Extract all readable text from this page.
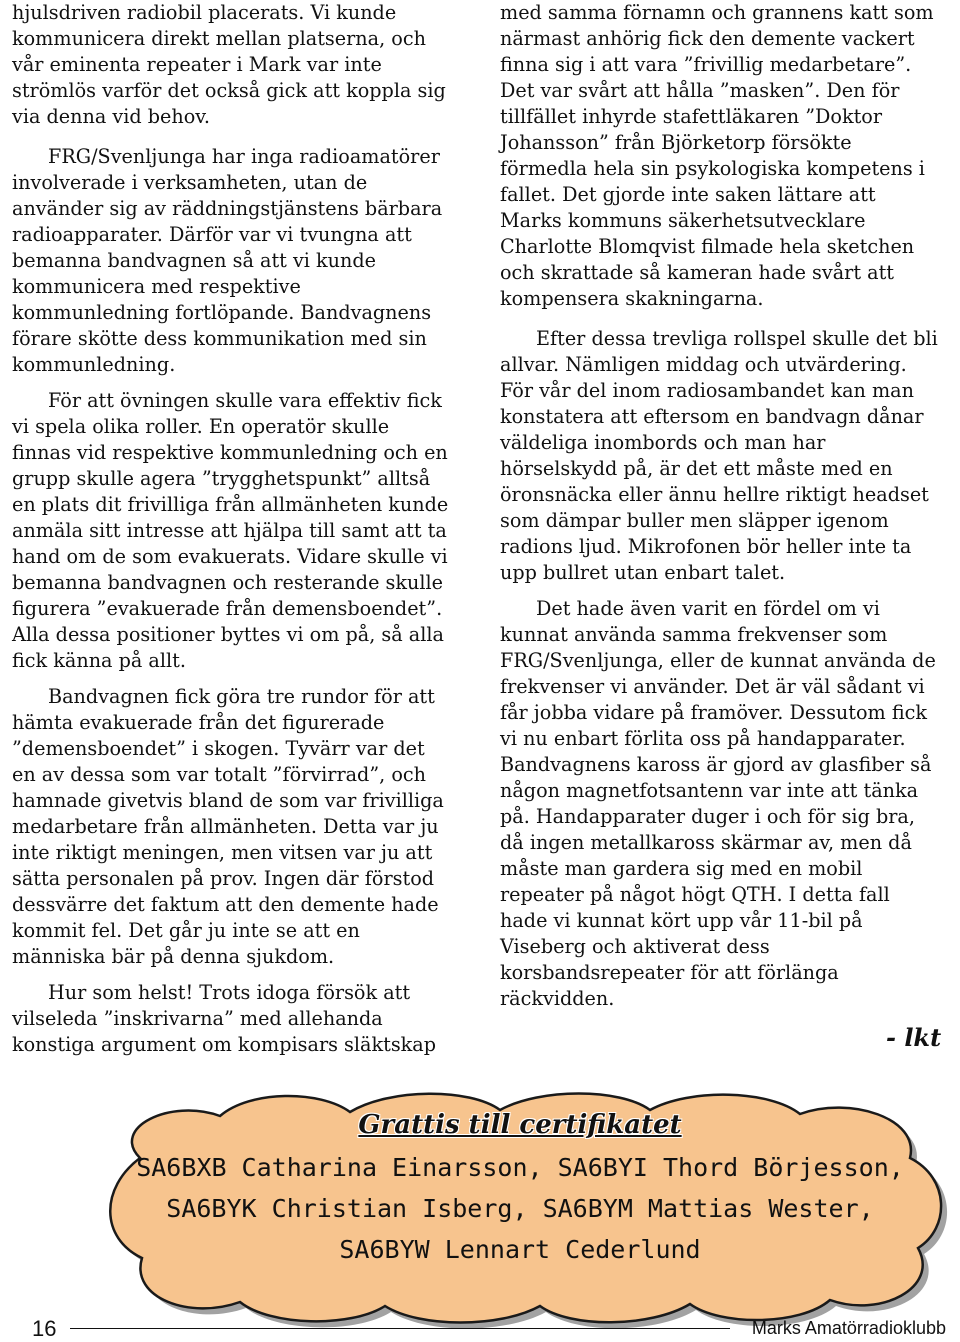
hjulsdriven radiobil placerats. Vi kunde kommunicera direkt mellan platserna, och vår eminenta repeater i Mark var inte strömlös varför det också gick att koppla sig via denna vid behov.

FRG/Svenljunga har inga radioamatörer involverade i verksamheten, utan de använder sig av räddningstjänstens bärbara radioapparater. Därför var vi tvungna att bemanna bandvagnen så att vi kunde kommunicera med respektive kommunledning fortlöpande. Bandvagnens förare skötte dess kommunikation med sin kommunledning.

För att övningen skulle vara effektiv fick vi spela olika roller. En operatör skulle finnas vid respektive kommunledning och en grupp skulle agera ”trygghetspunkt” alltså en plats dit frivilliga från allmänheten kunde anmäla sitt intresse att hjälpa till samt att ta hand om de som evakuerats. Vidare skulle vi bemanna bandvagnen och resterande skulle figurera ”evakuerade från demensboendet”. Alla dessa positioner byttes vi om på, så alla fick känna på allt.

Bandvagnen fick göra tre rundor för att hämta evakuerade från det figurerade ”demensboendet” i skogen. Tyvärr var det en av dessa som var totalt ”förvirrad”, och hamnade givetvis bland de som var frivilliga medarbetare från allmänheten. Detta var ju inte riktigt meningen, men vitsen var ju att sätta personalen på prov. Ingen där förstod dessvärre det faktum att den demente hade kommit fel. Det går ju inte se att en människa bär på denna sjukdom.

Hur som helst! Trots idoga försök att vilseleda ”inskrivarna” med allehanda konstiga argument om kompisars släktskap

med samma förnamn och grannens katt som närmast anhörig fick den demente vackert finna sig i att vara ”frivillig medarbetare”. Det var svårt att hålla ”masken”. Den för tillfället inhyrde stafettläkaren ”Doktor Johansson” från Björketorp försökte förmedla hela sin psykologiska kompetens i fallet. Det gjorde inte saken lättare att Marks kommuns säkerhetsutvecklare Charlotte Blomqvist filmade hela sketchen och skrattade så kameran hade svårt att kompensera skakningarna.

Efter dessa trevliga rollspel skulle det bli allvar. Nämligen middag och utvärdering. För vår del inom radiosambandet kan man konstatera att eftersom en bandvagn dånar väldeliga inombords och man har hörselskydd på, är det ett måste med en öronsnäcka eller ännu hellre riktigt headset som dämpar buller men släpper igenom radions ljud. Mikrofonen bör heller inte ta upp bullret utan enbart talet.

Det hade även varit en fördel om vi kunnat använda samma frekvenser som FRG/Svenljunga, eller de kunnat använda de frekvenser vi använder. Det är väl sådant vi får jobba vidare på framöver. Dessutom fick vi nu enbart förlita oss på handapparater. Bandvagnens kaross är gjord av glasfiber så någon magnetfotsantenn var inte att tänka på. Handapparater duger i och för sig bra, då ingen metallkaross skärmar av, men då måste man gardera sig med en mobil repeater på något högt QTH. I detta fall hade vi kunnat kört upp vår 11-bil på Viseberg och aktiverat dess korsbandsrepeater för att förlänga räckvidden.

- lkt
Grattis till certifikatet
SA6BXB Catharina Einarsson, SA6BYI Thord Börjesson,
SA6BYK Christian Isberg, SA6BYM Mattias Wester,
SA6BYW Lennart Cederlund
16	Marks Amatörradioklubb
